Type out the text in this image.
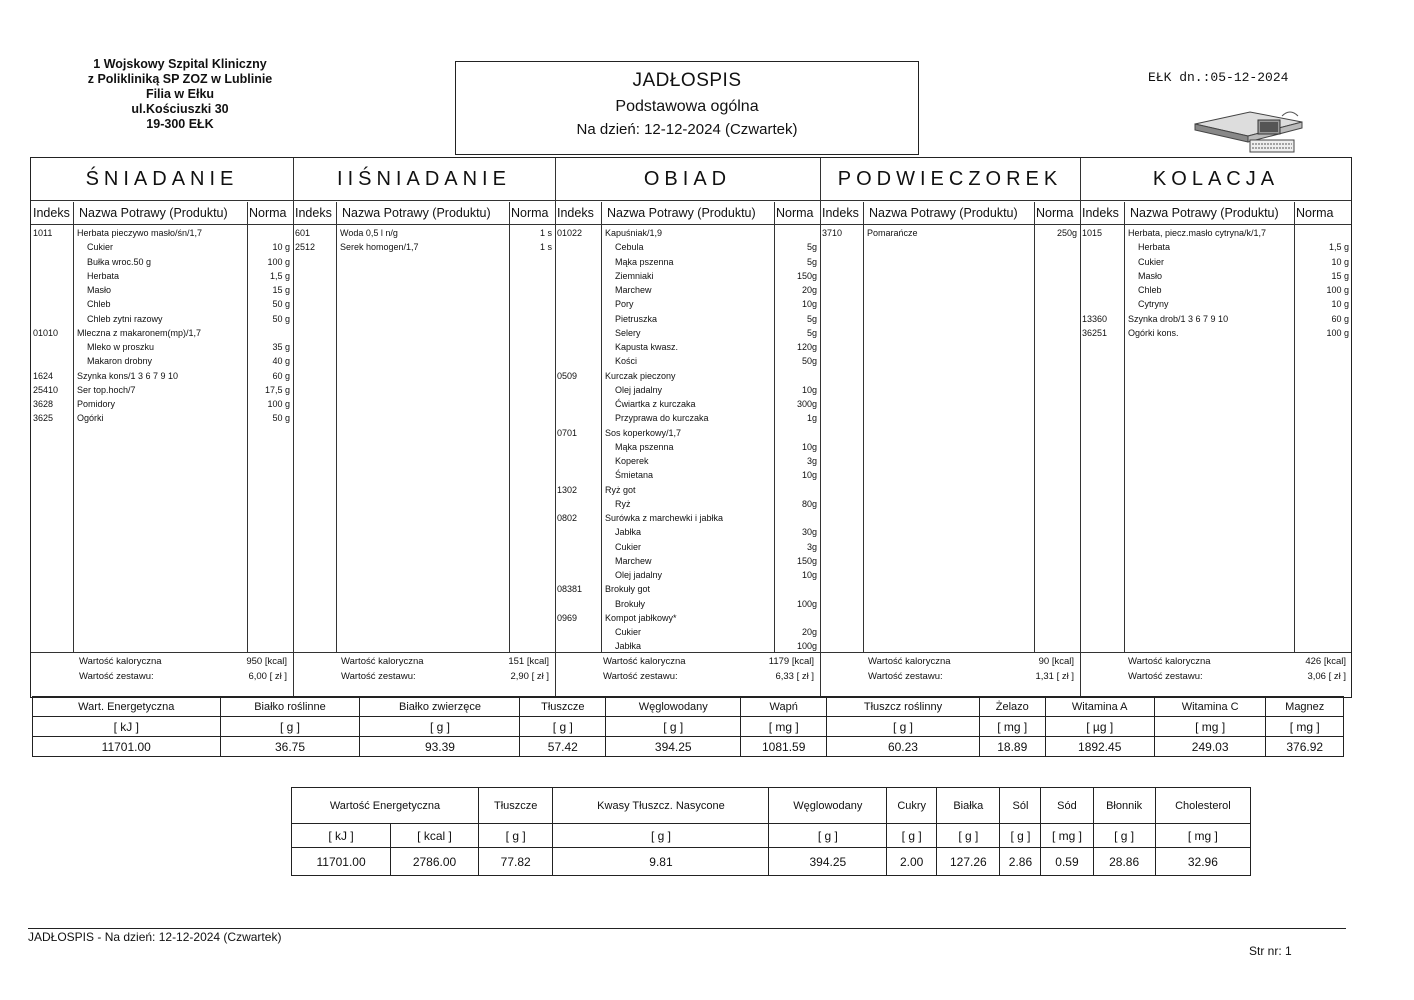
1 Wojskowy Szpital Kliniczny
z Polikliniką SP ZOZ w Lublinie
Filia w Ełku
ul.Kościuszki 30
19-300 EŁK
JADŁOSPIS
Podstawowa ogólna
Na dzień: 12-12-2024 (Czwartek)
EŁK dn.:05-12-2024
ŚNIADANIE
Indeks Nazwa Potrawy (Produktu) Norma
1011	Herbata pieczywo masło/śn/1,7
Cukier	10 g
Bułka wroc.50 g	100 g
Herbata	1,5 g
Masło	15 g
Chleb	50 g
Chleb zytni razowy	50 g
01010 Mleczna z makaronem(mp)/1,7
Mleko w proszku	35 g
Makaron drobny	40 g
1624	Szynka kons/1 3 6 7 9 10	60 g
25410 Ser top.hoch/7	17,5 g
3628	Pomidory	100 g
3625	Ogórki	50 g
Wartość kaloryczna	950 [kcal]
Wartość zestawu:	6,00 [ zł ]
IIŚNIADANIE
Indeks Nazwa Potrawy (Produktu) Norma
601	Woda 0,5 l n/g	1 s
2512	Serek homogen/1,7	1 s
Wartość kaloryczna	151 [kcal]
Wartość zestawu:	2,90 [ zł ]
OBIAD
Indeks Nazwa Potrawy (Produktu) Norma
01022	Kapuśniak/1,9
Cebula	5g
Mąka pszenna	5g
Ziemniaki	150g
Marchew	20g
Pory	10g
Pietruszka	5g
Selery	5g
Kapusta kwasz.	120g
Kości	50g
0509	Kurczak pieczony
Olej jadalny	10g
Ćwiartka z kurczaka	300g
Przyprawa do kurczaka	1g
0701	Sos koperkowy/1,7
Mąka pszenna	10g
Koperek	3g
Śmietana	10g
1302	Ryż got
Ryż	80g
0802	Surówka z marchewki i jabłka
Jabłka	30g
Cukier	3g
Marchew	150g
Olej jadalny	10g
08381	Brokuły got
Brokuły	100g
0969	Kompot jabłkowy*
Cukier	20g
Jabłka	100g
Wartość kaloryczna	1179 [kcal]
Wartość zestawu:	6,33 [ zł ]
PODWIECZOREK
Indeks Nazwa Potrawy (Produktu) Norma
3710	Pomarańcze	250g
Wartość kaloryczna	90 [kcal]
Wartość zestawu:	1,31 [ zł ]
KOLACJA
Indeks Nazwa Potrawy (Produktu) Norma
1015	Herbata, piecz.masło cytryna/k/1,7
Herbata	1,5 g
Cukier	10 g
Masło	15 g
Chleb	100 g
Cytryny	10 g
13360 Szynka drob/1 3 6 7 9 10	60 g
36251 Ogórki kons.	100 g
Wartość kaloryczna	426 [kcal]
Wartość zestawu:	3,06 [ zł ]
Wart. Energetyczna	Białko roślinne	Białko zwierzęce	Tłuszcze	Węglowodany	Wapń	Tłuszcz roślinny	Żelazo	Witamina A	Witamina C	Magnez
[ kJ ]	[ g ]	[ g ]	[ g ]	[ g ]	[ mg ]	[ g ]	[ mg ]	[ µg ]	[ mg ]	[ mg ]
11701.00	36.75	93.39	57.42	394.25	1081.59	60.23	18.89	1892.45	249.03	376.92
Wartość Energetyczna		Tłuszcze	Kwasy Tłuszcz. Nasycone	Węglowodany	Cukry	Białka	Sól	Sód	Błonnik	Cholesterol
[ kJ ]	[ kcal ]	[ g ]	[ g ]	[ g ]	[ g ]	[ g ]	[ g ]	[ mg ]	[ g ]	[ mg ]
11701.00	2786.00	77.82	9.81	394.25	2.00	127.26	2.86	0.59	28.86	32.96
JADŁOSPIS - Na dzień: 12-12-2024 (Czwartek)
Str nr: 1
